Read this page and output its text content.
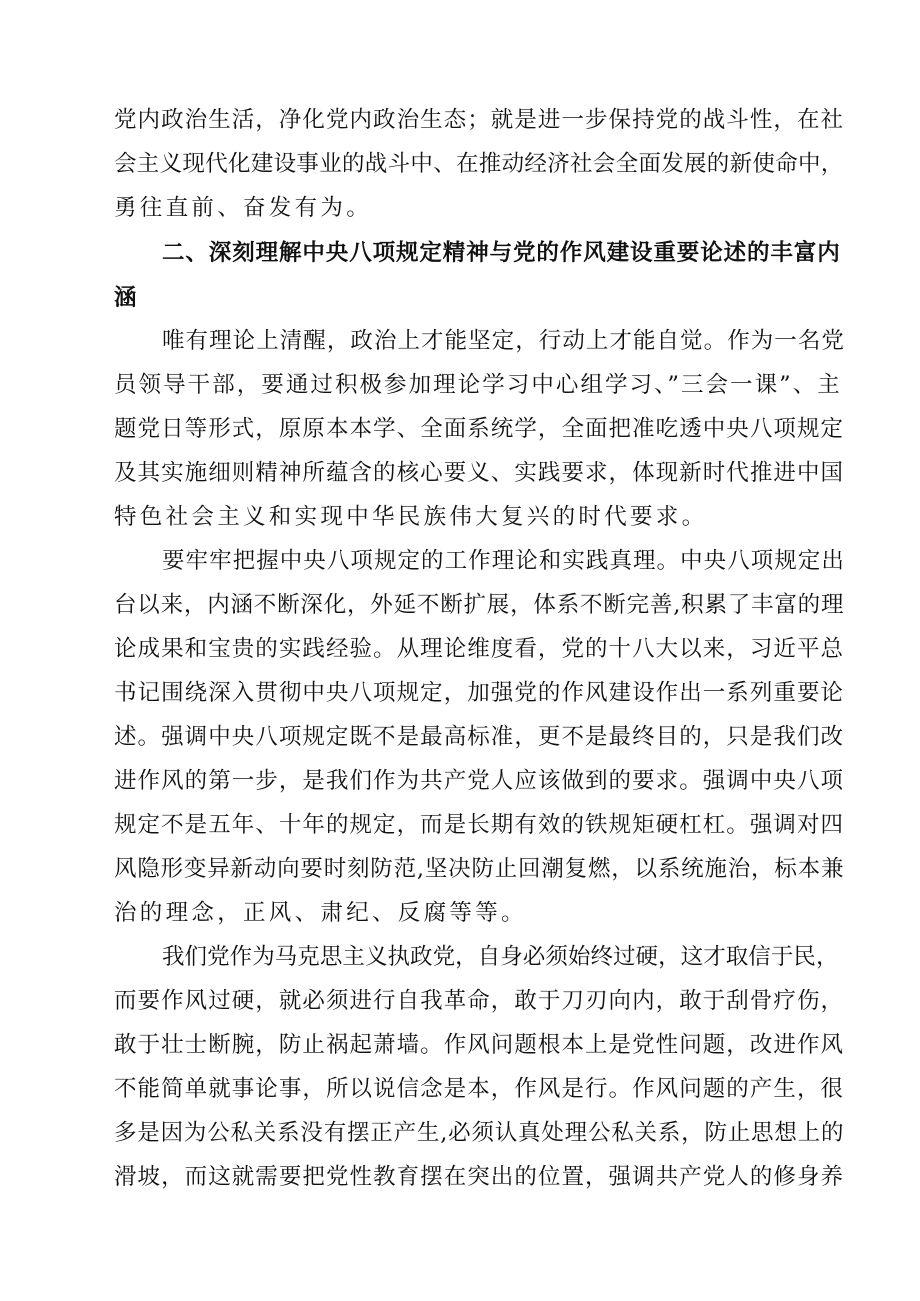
党内政治生活，净化党内政治生态；就是进一步保持党的战斗性，在社
会主义现代化建设事业的战斗中、在推动经济社会全面发展的新使命中，
勇往直前、奋发有为。
二、深刻理解中央八项规定精神与党的作风建设重要论述的丰富内
涵
唯有理论上清醒，政治上才能坚定，行动上才能自觉。作为一名党
员领导干部，要通过积极参加理论学习中心组学习、”三会一课”、主
题党日等形式，原原本本学、全面系统学，全面把准吃透中央八项规定
及其实施细则精神所蕴含的核心要义、实践要求，体现新时代推进中国
特色社会主义和实现中华民族伟大复兴的时代要求。
要牢牢把握中央八项规定的工作理论和实践真理。中央八项规定出
台以来，内涵不断深化，外延不断扩展，体系不断完善,积累了丰富的理
论成果和宝贵的实践经验。从理论维度看，党的十八大以来，习近平总
书记围绕深入贯彻中央八项规定，加强党的作风建设作出一系列重要论
述。强调中央八项规定既不是最高标准，更不是最终目的，只是我们改
进作风的第一步，是我们作为共产党人应该做到的要求。强调中央八项
规定不是五年、十年的规定，而是长期有效的铁规矩硬杠杠。强调对四
风隐形变异新动向要时刻防范,坚决防止回潮复燃，以系统施治，标本兼
治的理念，正风、肃纪、反腐等等。
我们党作为马克思主义执政党，自身必须始终过硬，这才取信于民，
而要作风过硬，就必须进行自我革命，敢于刀刃向内，敢于刮骨疗伤，
敢于壮士断腕，防止祸起萧墙。作风问题根本上是党性问题，改进作风
不能简单就事论事，所以说信念是本，作风是行。作风问题的产生，很
多是因为公私关系没有摆正产生,必须认真处理公私关系，防止思想上的
滑坡，而这就需要把党性教育摆在突出的位置，强调共产党人的修身养
